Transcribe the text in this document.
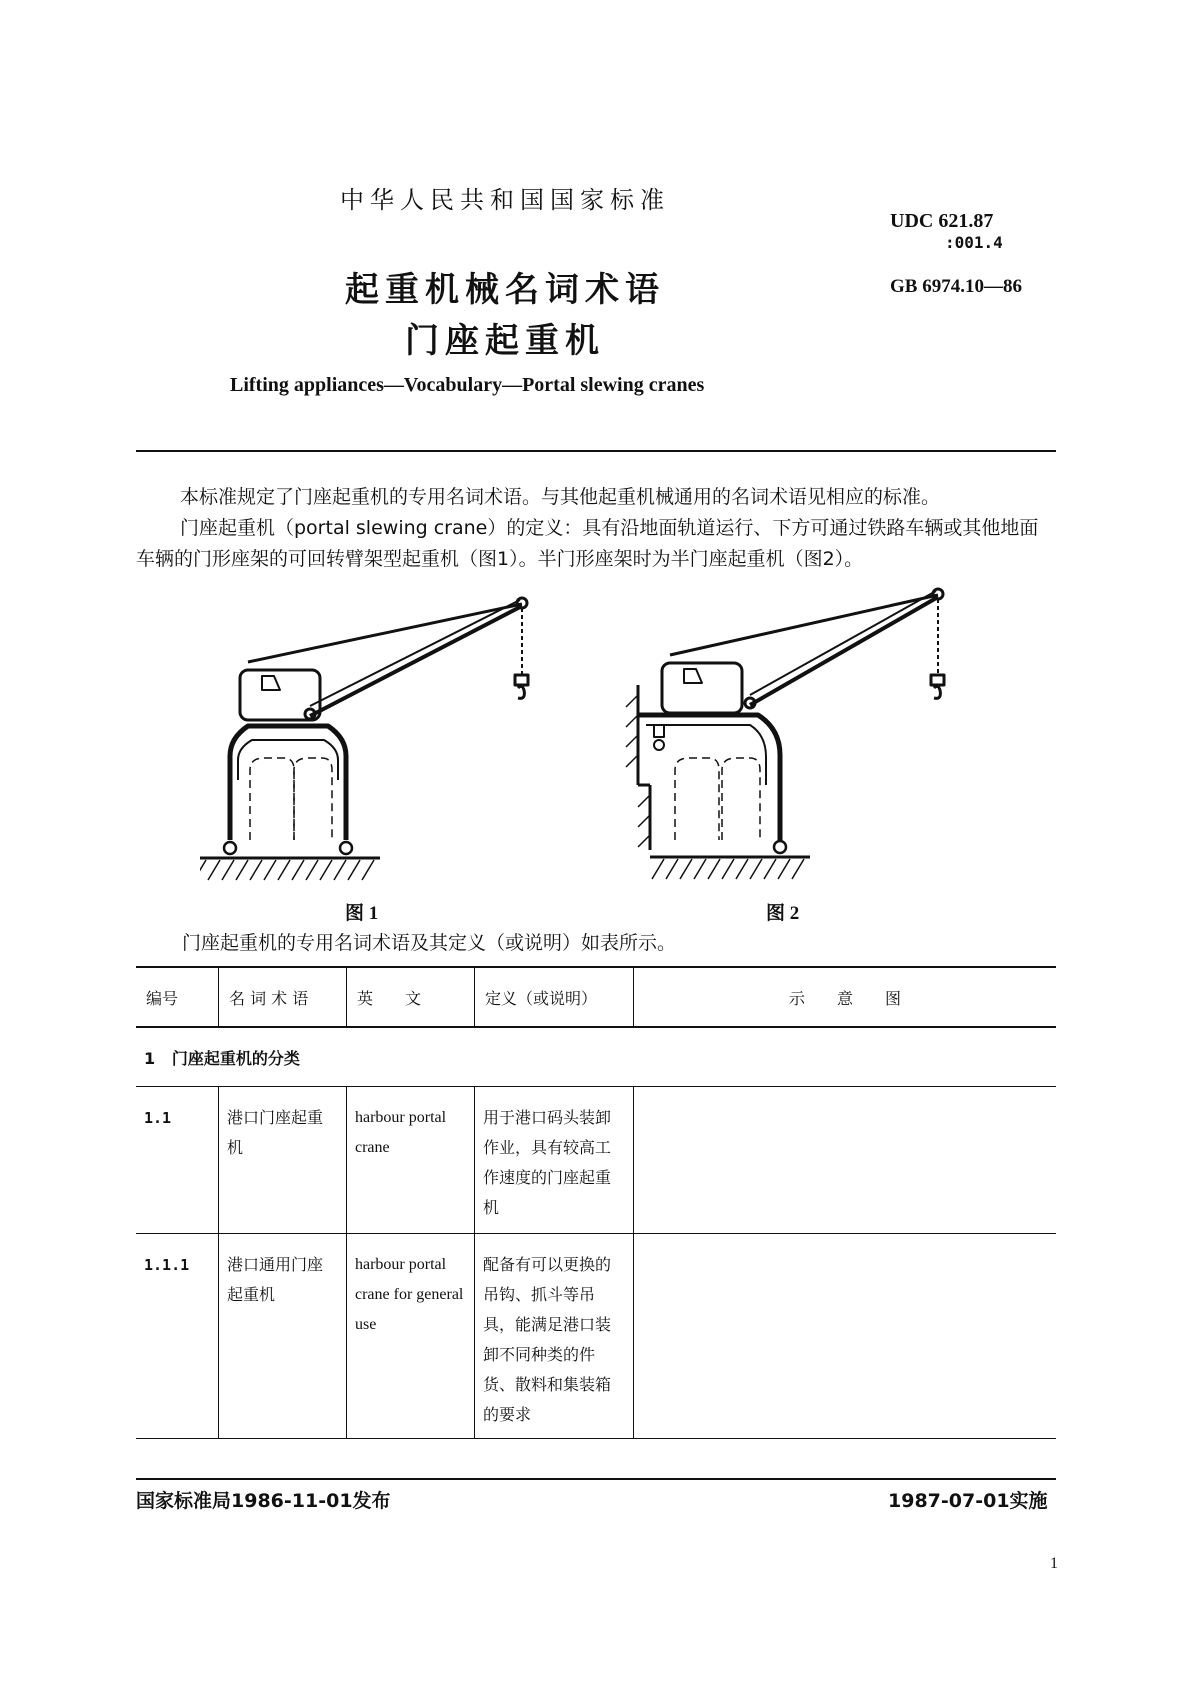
中华人民共和国国家标准
UDC 621.87
:001.4
GB 6974.10—86
起重机械名词术语
门座起重机
Lifting appliances—Vocabulary—Portal slewing cranes
本标准规定了门座起重机的专用名词术语。与其他起重机械通用的名词术语见相应的标准。
门座起重机（portal slewing crane）的定义：具有沿地面轨道运行、下方可通过铁路车辆或其他地面车辆的门形座架的可回转臂架型起重机（图1）。半门形座架时为半门座起重机（图2）。
图 1	图 2
门座起重机的专用名词术语及其定义（或说明）如表所示。
编号	名 词 术 语	英　　文	定义（或说明）	示　　意　　图
1 门座起重机的分类				
1.1	港口门座起重机	harbour portal crane	用于港口码头装卸作业，具有较高工作速度的门座起重机	
1.1.1	港口通用门座起重机	harbour portal crane for general use	配备有可以更换的吊钩、抓斗等吊具，能满足港口装卸不同种类的件货、散料和集装箱的要求	
国家标准局1986-11-01发布	1987-07-01实施
1
